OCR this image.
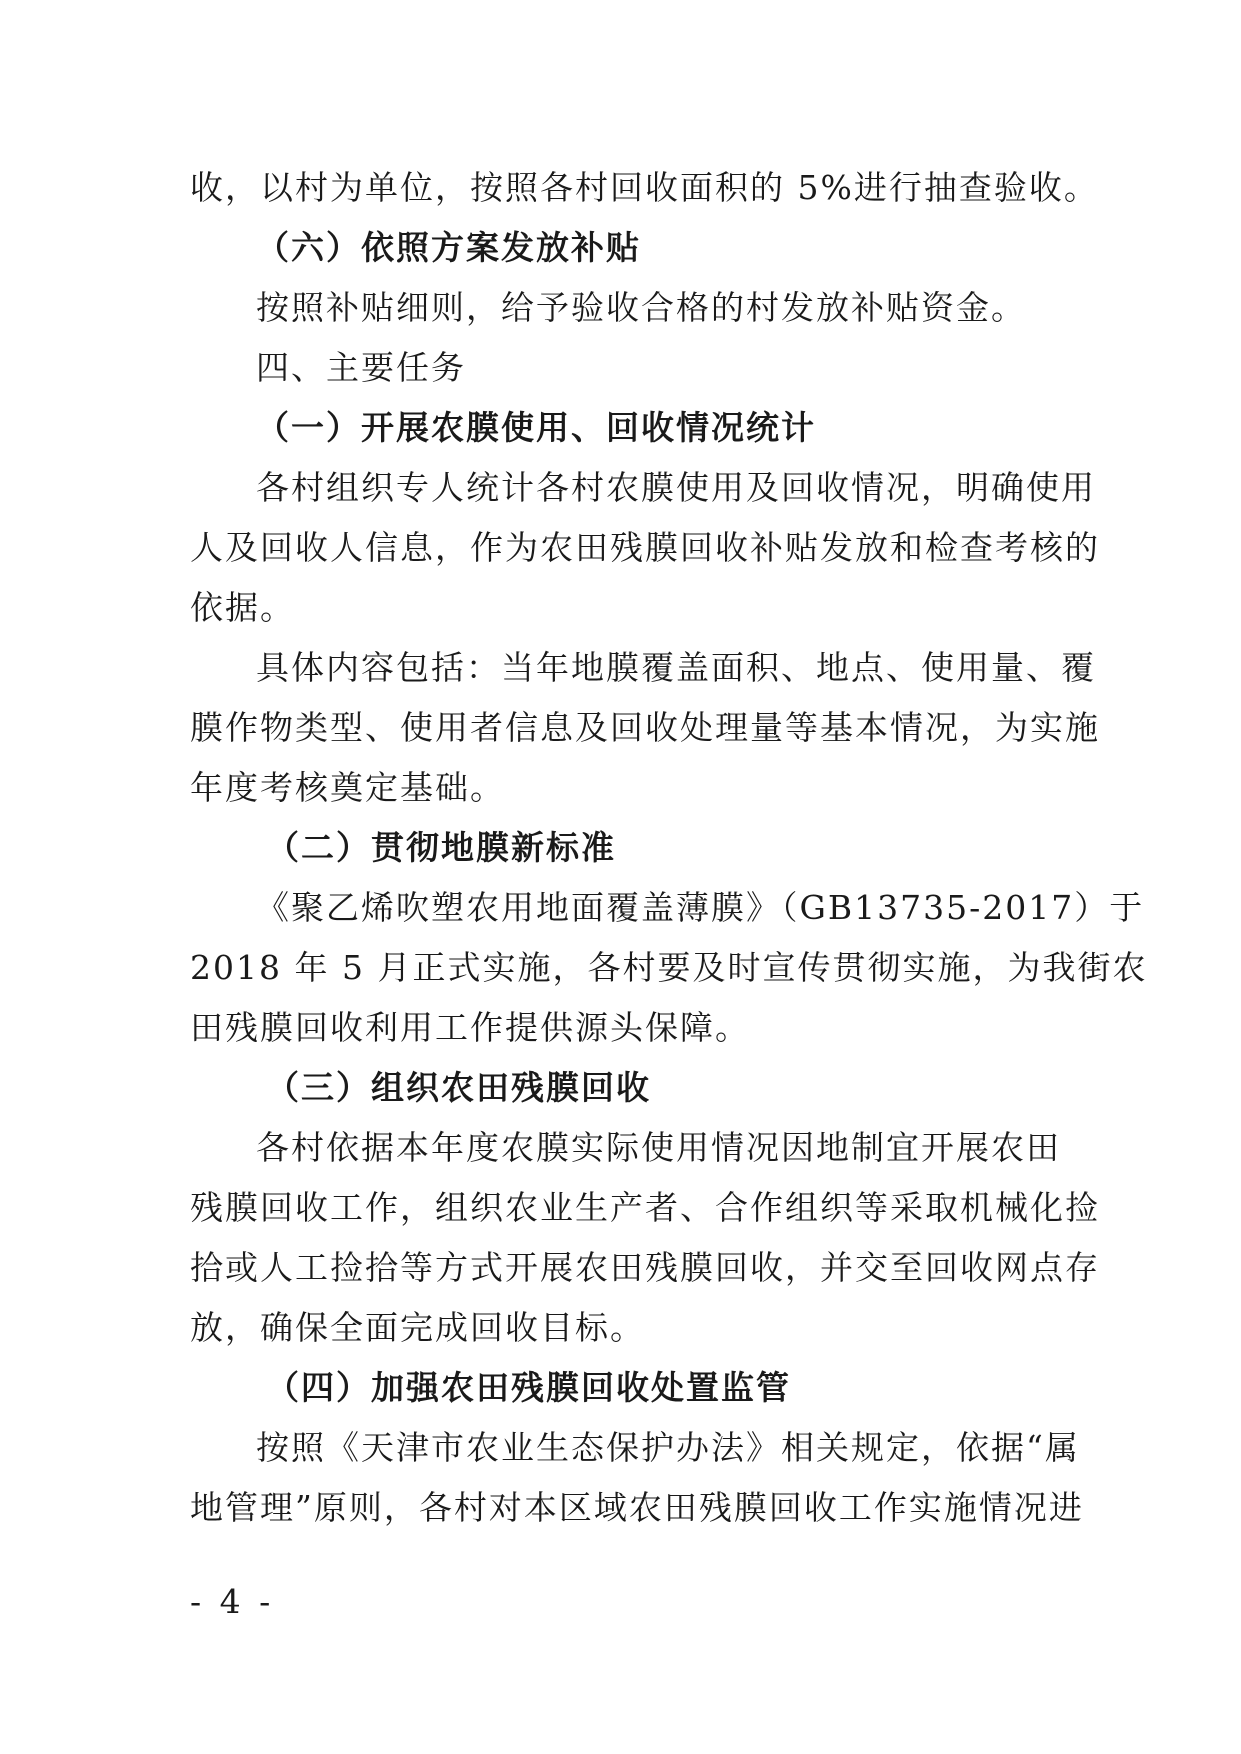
收，以村为单位，按照各村回收面积的 5%进行抽查验收。
（六）依照方案发放补贴
按照补贴细则，给予验收合格的村发放补贴资金。
四、主要任务
（一）开展农膜使用、回收情况统计
各村组织专人统计各村农膜使用及回收情况，明确使用
人及回收人信息，作为农田残膜回收补贴发放和检查考核的
依据。
具体内容包括：当年地膜覆盖面积、地点、使用量、覆
膜作物类型、使用者信息及回收处理量等基本情况，为实施
年度考核奠定基础。
（二）贯彻地膜新标准
《聚乙烯吹塑农用地面覆盖薄膜》（GB13735-2017）于
2018 年 5 月正式实施，各村要及时宣传贯彻实施，为我街农
田残膜回收利用工作提供源头保障。
（三）组织农田残膜回收
各村依据本年度农膜实际使用情况因地制宜开展农田
残膜回收工作，组织农业生产者、合作组织等采取机械化捡
拾或人工捡拾等方式开展农田残膜回收，并交至回收网点存
放，确保全面完成回收目标。
（四）加强农田残膜回收处置监管
按照《天津市农业生态保护办法》相关规定，依据“属
地管理”原则，各村对本区域农田残膜回收工作实施情况进
- 4 -
